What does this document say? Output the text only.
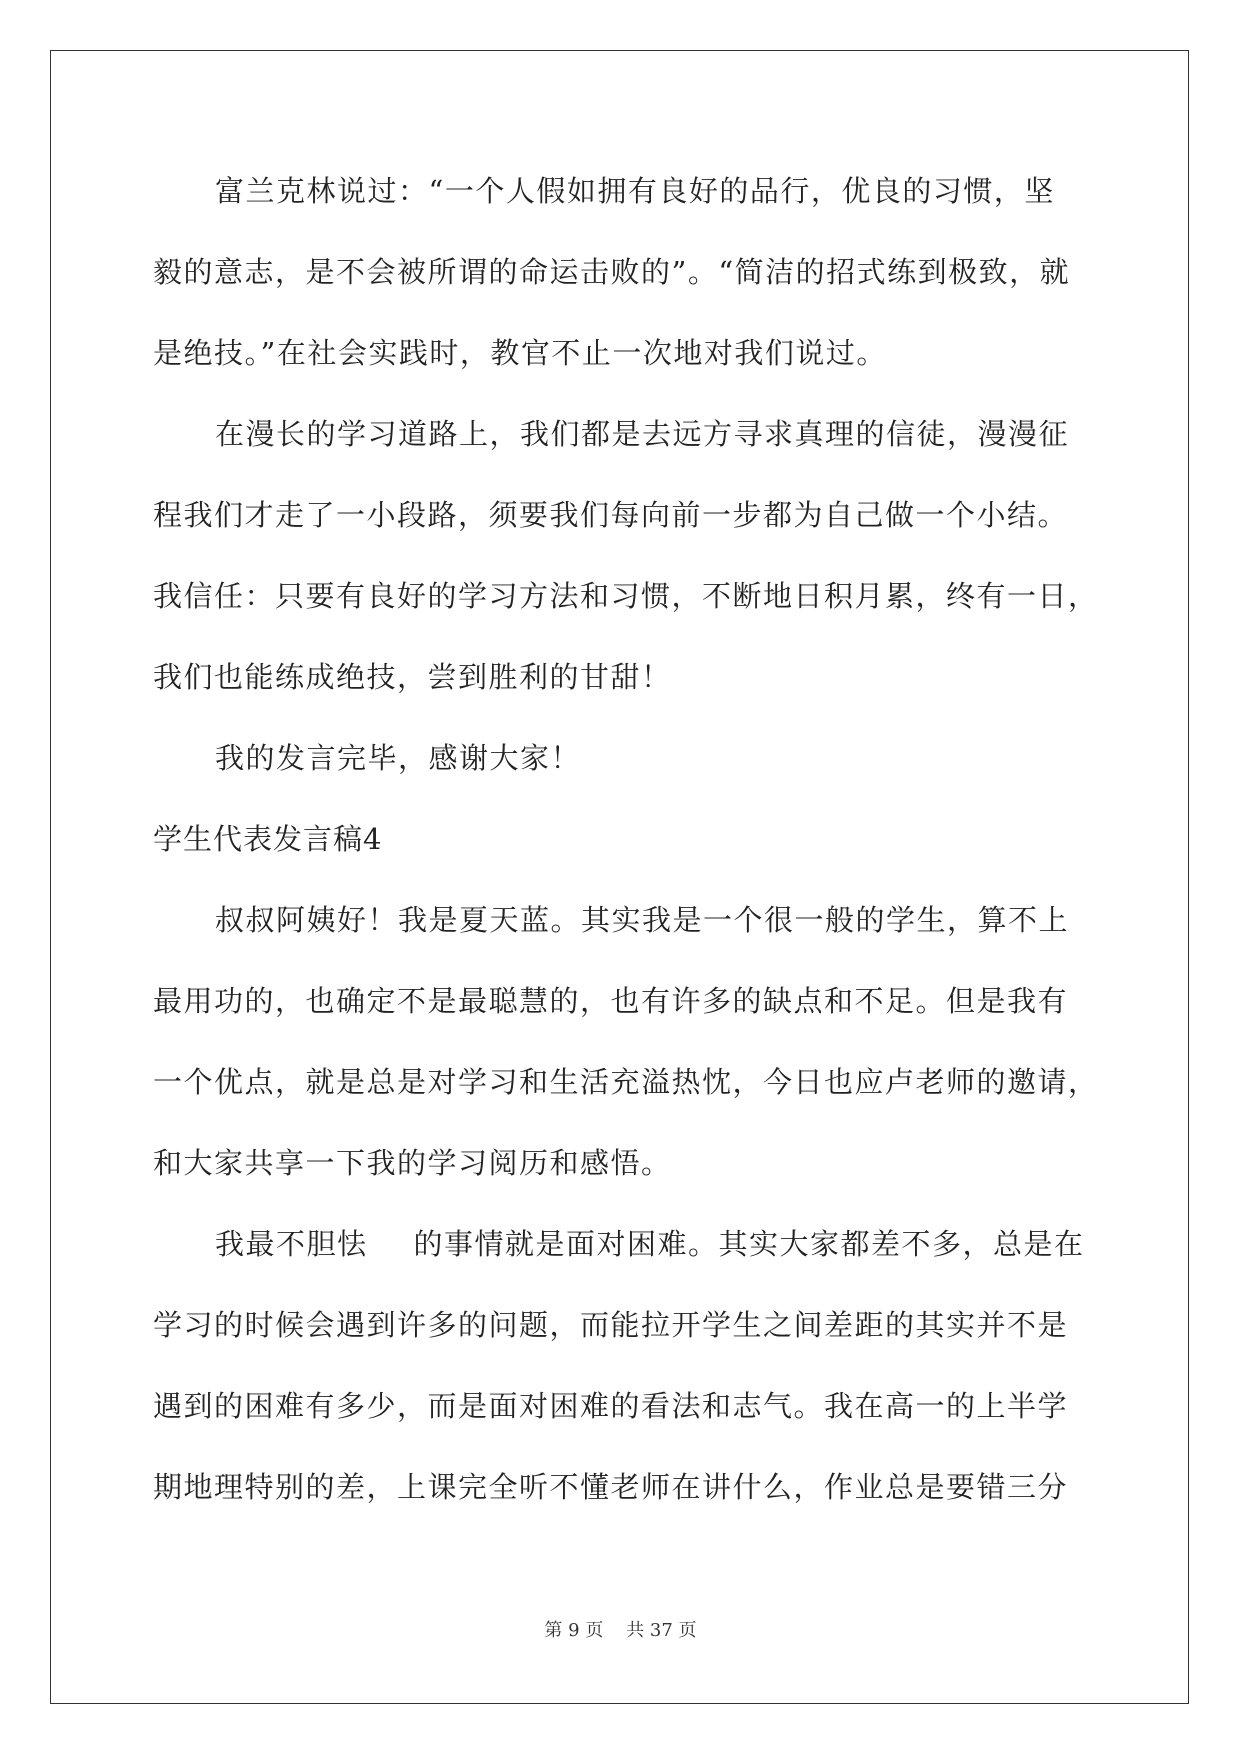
富兰克林说过：“一个人假如拥有良好的品行，优良的习惯，坚
毅的意志，是不会被所谓的命运击败的”。“简洁的招式练到极致，就
是绝技。”在社会实践时，教官不止一次地对我们说过。
在漫长的学习道路上，我们都是去远方寻求真理的信徒，漫漫征
程我们才走了一小段路，须要我们每向前一步都为自己做一个小结。
我信任：只要有良好的学习方法和习惯，不断地日积月累，终有一日，
我们也能练成绝技，尝到胜利的甘甜！
我的发言完毕，感谢大家！
学生代表发言稿4
叔叔阿姨好！我是夏天蓝。其实我是一个很一般的学生，算不上
最用功的，也确定不是最聪慧的，也有许多的缺点和不足。但是我有
一个优点，就是总是对学习和生活充溢热忱，今日也应卢老师的邀请，
和大家共享一下我的学习阅历和感悟。
我最不胆怯 的事情就是面对困难。其实大家都差不多，总是在
学习的时候会遇到许多的问题，而能拉开学生之间差距的其实并不是
遇到的困难有多少，而是面对困难的看法和志气。我在高一的上半学
期地理特别的差，上课完全听不懂老师在讲什么，作业总是要错三分
第 9 页    共 37 页
